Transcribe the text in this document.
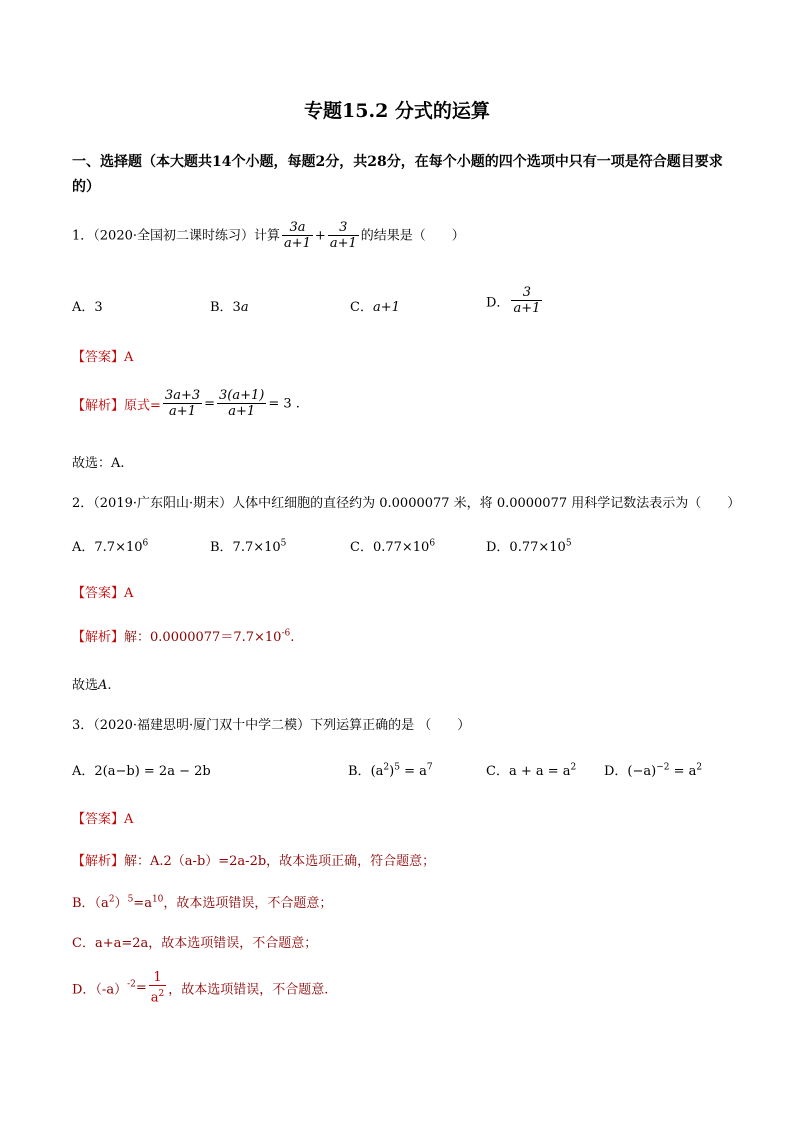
专题15.2 分式的运算
一、选择题（本大题共14个小题，每题2分，共28分，在每个小题的四个选项中只有一项是符合题目要求的）
1．（2020·全国初二课时练习）计算 $\frac{3a}{a+1} + \frac{3}{a+1}$ 的结果是（　　）
A．3	B．3a	C．a+1	D． $\frac{3}{a+1}$
【答案】A
【解析】原式= $\frac{3a+3}{a+1} = \frac{3(a+1)}{a+1} = 3$ .
故选：A.
2．（2019·广东阳山·期末）人体中红细胞的直径约为 0.0000077 米，将 0.0000077 用科学记数法表示为（　　）
A．$7.7\times 10^6$	B．$7.7\times 10^5$	C．$0.77\times 10^6$	D．$0.77\times 10^5$
【答案】A
【解析】解：$0.0000077=7.7\times 10^{-6}$.
故选A.
3．（2020·福建思明·厦门双十中学二模）下列运算正确的是 （　　）
A．2(a−b) = 2a − 2b	B．$(a^2)^5 = a^7$	C．$a + a = a^2$ D．$(-a)^{-2} = a^2$
【答案】A
【解析】解：A.2（a-b）=2a-2b，故本选项正确，符合题意；
B．$(a^2)^5=a^{10}$，故本选项错误，不合题意；
C．a+a=2a，故本选项错误，不合题意；
D．$(-a)^{-2}= \frac{1}{a^2}$ ，故本选项错误，不合题意.
